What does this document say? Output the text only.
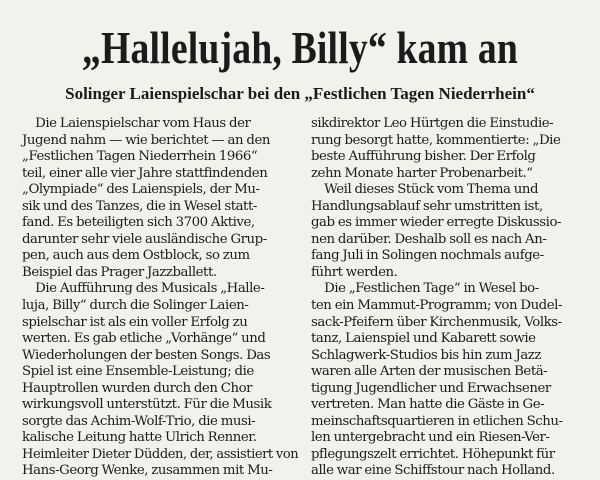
„Hallelujah, Billy“ kam an
Solinger Laienspielschar bei den „Festlichen Tagen Niederrhein“
Die Laienspielschar vom Haus der
Jugend nahm — wie berichtet — an den
„Festlichen Tagen Niederrhein 1966“
teil, einer alle vier Jahre stattfindenden
„Olympiade“ des Laienspiels, der Mu-
sik und des Tanzes, die in Wesel statt-
fand. Es beteiligten sich 3700 Aktive,
darunter sehr viele ausländische Grup-
pen, auch aus dem Ostblock, so zum
Beispiel das Prager Jazzballett.
Die Aufführung des Musicals „Halle-
luja, Billy“ durch die Solinger Laien-
spielschar ist als ein voller Erfolg zu
werten. Es gab etliche „Vorhänge“ und
Wiederholungen der besten Songs. Das
Spiel ist eine Ensemble-Leistung; die
Hauptrollen wurden durch den Chor
wirkungsvoll unterstützt. Für die Musik
sorgte das Achim-Wolf-Trio, die musi-
kalische Leitung hatte Ulrich Renner.
Heimleiter Dieter Düdden, der, assistiert von
Hans-Georg Wenke, zusammen mit Mu-
sikdirektor Leo Hürtgen die Einstudie-
rung besorgt hatte, kommentierte: „Die
beste Aufführung bisher. Der Erfolg
zehn Monate harter Probenarbeit.“
Weil dieses Stück vom Thema und
Handlungsablauf sehr umstritten ist,
gab es immer wieder erregte Diskussio-
nen darüber. Deshalb soll es nach An-
fang Juli in Solingen nochmals aufge-
führt werden.
Die „Festlichen Tage“ in Wesel bo-
ten ein Mammut-Programm; von Dudel-
sack-Pfeifern über Kirchenmusik, Volks-
tanz, Laienspiel und Kabarett sowie
Schlagwerk-Studios bis hin zum Jazz
waren alle Arten der musischen Betä-
tigung Jugendlicher und Erwachsener
vertreten. Man hatte die Gäste in Ge-
meinschaftsquartieren in etlichen Schu-
len untergebracht und ein Riesen-Ver-
pflegungszelt errichtet. Höhepunkt für
alle war eine Schiffstour nach Holland.
